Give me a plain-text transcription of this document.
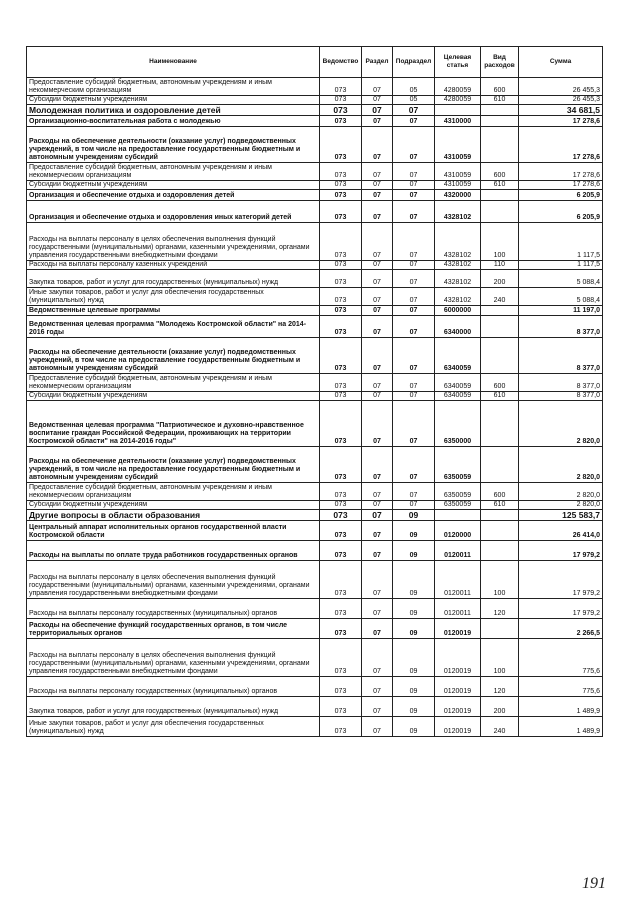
Наименование	Ведомство	Раздел	Подраздел	Целевая статья	Вид расходов	Сумма
Предоставление субсидий бюджетным, автономным учреждениям и иным некоммерческим организациям	073	07	05	4280059	600	26 455,3
Субсидии бюджетным учреждениям	073	07	05	4280059	610	26 455,3
Молодежная политика и оздоровление детей	073	07	07			34 681,5
Организационно-воспитательная работа с молодежью	073	07	07	4310000		17 278,6
Расходы на обеспечение деятельности (оказание услуг) подведомственных учреждений, в том числе на предоставление государственным бюджетным и автономным учреждениям субсидий	073	07	07	4310059		17 278,6
Предоставление субсидий бюджетным, автономным учреждениям и иным некоммерческим организациям	073	07	07	4310059	600	17 278,6
Субсидии бюджетным учреждениям	073	07	07	4310059	610	17 278,6
Организация и обеспечение отдыха и оздоровления детей	073	07	07	4320000		6 205,9
Организация и обеспечение отдыха и оздоровления иных категорий детей	073	07	07	4328102		6 205,9
Расходы на выплаты персоналу в целях обеспечения выполнения функций государственными (муниципальными) органами, казенными учреждениями, органами управления государственными внебюджетными фондами	073	07	07	4328102	100	1 117,5
Расходы на выплаты персоналу казенных учреждений	073	07	07	4328102	110	1 117,5
Закупка товаров, работ и услуг для государственных (муниципальных) нужд	073	07	07	4328102	200	5 088,4
Иные закупки товаров, работ и услуг для обеспечения государственных (муниципальных) нужд	073	07	07	4328102	240	5 088,4
Ведомственные целевые программы	073	07	07	6000000		11 197,0
Ведомственная целевая программа "Молодежь Костромской области" на 2014-2016 годы	073	07	07	6340000		8 377,0
Расходы на обеспечение деятельности (оказание услуг) подведомственных учреждений, в том числе на предоставление государственным бюджетным и автономным учреждениям субсидий	073	07	07	6340059		8 377,0
Предоставление субсидий бюджетным, автономным учреждениям и иным некоммерческим организациям	073	07	07	6340059	600	8 377,0
Субсидии бюджетным учреждениям	073	07	07	6340059	610	8 377,0
Ведомственная целевая программа "Патриотическое и духовно-нравственное воспитание граждан Российской Федерации, проживающих на территории Костромской области" на 2014-2016 годы"	073	07	07	6350000		2 820,0
Расходы на обеспечение деятельности (оказание услуг) подведомственных учреждений, в том числе на предоставление государственным бюджетным и автономным учреждениям субсидий	073	07	07	6350059		2 820,0
Предоставление субсидий бюджетным, автономным учреждениям и иным некоммерческим организациям	073	07	07	6350059	600	2 820,0
Субсидии бюджетным учреждениям	073	07	07	6350059	610	2 820,0
Другие вопросы в области образования	073	07	09			125 583,7
Центральный аппарат исполнительных органов государственной власти Костромской области	073	07	09	0120000		26 414,0
Расходы на выплаты по оплате труда работников государственных органов	073	07	09	0120011		17 979,2
Расходы на выплаты персоналу в целях обеспечения выполнения функций государственными (муниципальными) органами, казенными учреждениями, органами управления государственными внебюджетными фондами	073	07	09	0120011	100	17 979,2
Расходы на выплаты персоналу государственных (муниципальных) органов	073	07	09	0120011	120	17 979,2
Расходы на обеспечение функций государственных органов, в том числе территориальных органов	073	07	09	0120019		2 266,5
Расходы на выплаты персоналу в целях обеспечения выполнения функций государственными (муниципальными) органами, казенными учреждениями, органами управления государственными внебюджетными фондами	073	07	09	0120019	100	775,6
Расходы на выплаты персоналу государственных (муниципальных) органов	073	07	09	0120019	120	775,6
Закупка товаров, работ и услуг для государственных (муниципальных) нужд	073	07	09	0120019	200	1 489,9
Иные закупки товаров, работ и услуг для обеспечения государственных (муниципальных) нужд	073	07	09	0120019	240	1 489,9
191
